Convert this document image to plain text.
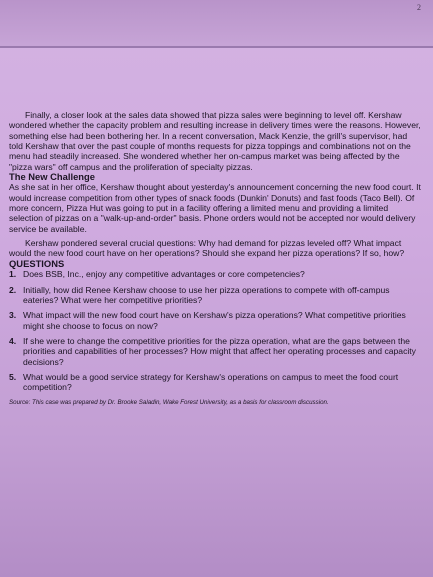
2

Finally, a closer look at the sales data showed that pizza sales were beginning to level off. Kershaw wondered whether the capacity problem and resulting increase in delivery times were the reasons. However, something else had been bothering her. In a recent conversation, Mack Kenzie, the grill's supervisor, had told Kershaw that over the past couple of months requests for pizza toppings and combinations not on the menu had steadily increased. She wondered whether her on-campus market was being affected by the "pizza wars" off campus and the proliferation of specialty pizzas.

The New Challenge

As she sat in her office, Kershaw thought about yesterday's announcement concerning the new food court. It would increase competition from other types of snack foods (Dunkin' Donuts) and fast foods (Taco Bell). Of more concern, Pizza Hut was going to put in a facility offering a limited menu and providing a limited selection of pizzas on a "walk-up-and-order" basis. Phone orders would not be accepted nor would delivery service be available.

Kershaw pondered several crucial questions: Why had demand for pizzas leveled off? What impact would the new food court have on her operations? Should she expand her pizza operations? If so, how?

QUESTIONS

1. Does BSB, Inc., enjoy any competitive advantages or core competencies?
2. Initially, how did Renee Kershaw choose to use her pizza operations to compete with off-campus eateries? What were her competitive priorities?
3. What impact will the new food court have on Kershaw's pizza operations? What competitive priorities might she choose to focus on now?
4. If she were to change the competitive priorities for the pizza operation, what are the gaps between the priorities and capabilities of her processes? How might that affect her operating processes and capacity decisions?
5. What would be a good service strategy for Kershaw's operations on campus to meet the food court competition?

Source: This case was prepared by Dr. Brooke Saladin, Wake Forest University, as a basis for classroom discussion.
